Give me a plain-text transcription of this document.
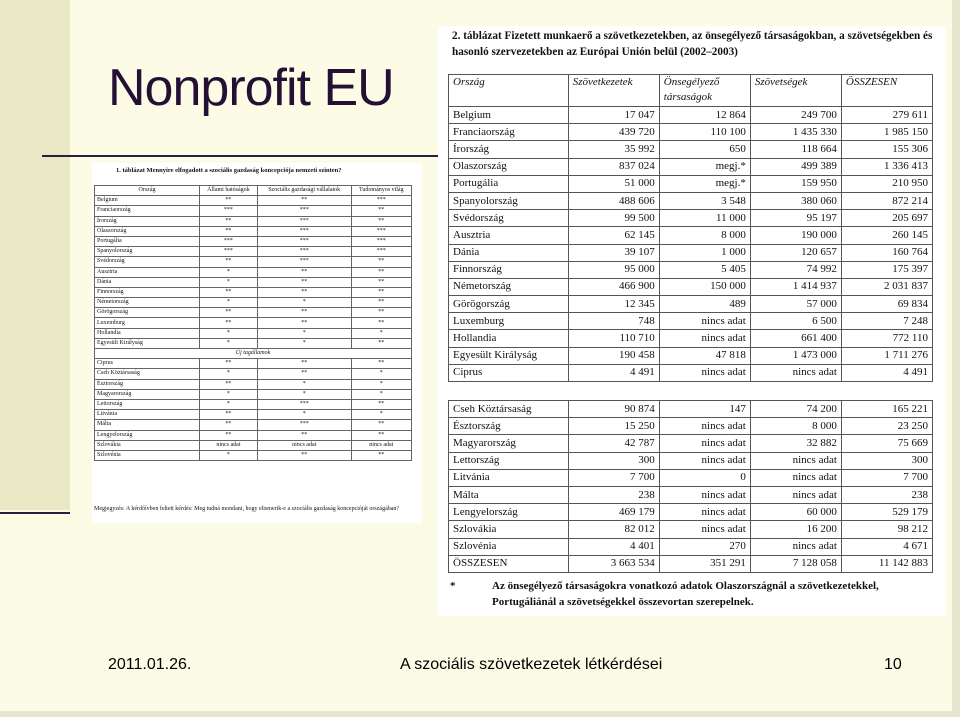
Nonprofit EU
1. táblázat Mennyire elfogadott a szociális gazdaság koncepciója nemzeti szinten?
Ország	Állami hatóságok	Szociális gazdasági vállalatok	Tudományos világ
Belgium	**	**	***
Franciaország	***	***	**
Írország	**	***	**
Olaszország	**	***	***
Portugália	***	***	***
Spanyolország	***	***	***
Svédország	**	***	**
Ausztria	*	**	**
Dánia	*	**	**
Finnország	**	**	**
Németország	*	*	**
Görögország	**	**	**
Luxemburg	**	**	**
Hollandia	*	*	*
Egyesült Királyság	*	*	**
Új tagállamok			
Ciprus	**	**	**
Cseh Köztársaság	*	**	*
Észtország	**	*	*
Magyarország	*	*	*
Lettország	*	***	**
Litvánia	**	*	*
Málta	**	***	**
Lengyelország	**	**	**
Szlovákia	nincs adat	nincs adat	nincs adat
Szlovénia	*	**	**
Megjegyzés: A kérdőívben feltett kérdés: Meg tudná mondani, hogy elismerik-e a szociális gazdaság koncepcióját országában?
2. táblázat Fizetett munkaerő a szövetkezetekben, az önsegélyező társaságokban, a szövetségekben és hasonló szervezetekben az Európai Unión belül (2002–2003)
Ország	Szövetkezetek	Önsegélyező társaságok	Szövetségek	ÖSSZESEN
Belgium	17 047	12 864	249 700	279 611
Franciaország	439 720	110 100	1 435 330	1 985 150
Írország	35 992	650	118 664	155 306
Olaszország	837 024	megj.*	499 389	1 336 413
Portugália	51 000	megj.*	159 950	210 950
Spanyolország	488 606	3 548	380 060	872 214
Svédország	99 500	11 000	95 197	205 697
Ausztria	62 145	8 000	190 000	260 145
Dánia	39 107	1 000	120 657	160 764
Finnország	95 000	5 405	74 992	175 397
Németország	466 900	150 000	1 414 937	2 031 837
Görögország	12 345	489	57 000	69 834
Luxemburg	748	nincs adat	6 500	7 248
Hollandia	110 710	nincs adat	661 400	772 110
Egyesült Királyság	190 458	47 818	1 473 000	1 711 276
Ciprus	4 491	nincs adat	nincs adat	4 491
Cseh Köztársaság	90 874	147	74 200	165 221
Észtország	15 250	nincs adat	8 000	23 250
Magyarország	42 787	nincs adat	32 882	75 669
Lettország	300	nincs adat	nincs adat	300
Litvánia	7 700	0	nincs adat	7 700
Málta	238	nincs adat	nincs adat	238
Lengyelország	469 179	nincs adat	60 000	529 179
Szlovákia	82 012	nincs adat	16 200	98 212
Szlovénia	4 401	270	nincs adat	4 671
ÖSSZESEN	3 663 534	351 291	7 128 058	11 142 883
*	Az önsegélyező társaságokra vonatkozó adatok Olaszországnál a szövetkezetekkel, Portugáliánál a szövetségekkel összevortan szerepelnek.
2011.01.26.	A szociális szövetkezetek létkérdései	10
